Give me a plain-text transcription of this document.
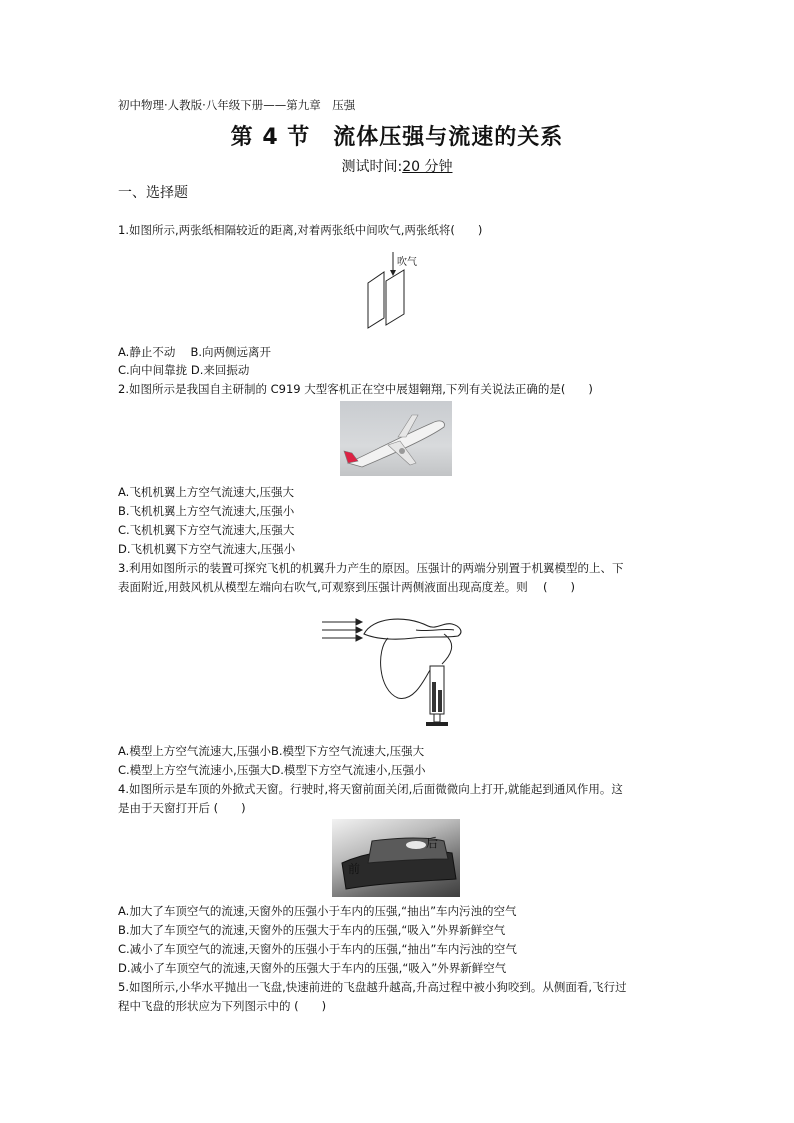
初中物理·人教版·八年级下册——第九章　压强
第 4 节　流体压强与流速的关系
测试时间:20 分钟
一、选择题
1.如图所示,两张纸相隔较近的距离,对着两张纸中间吹气,两张纸将(　　)
吹气
A.静止不动　 B.向两侧远离开
C.向中间靠拢 D.来回振动
2.如图所示是我国自主研制的 C919 大型客机正在空中展翅翱翔,下列有关说法正确的是(　　)
A.飞机机翼上方空气流速大,压强大
B.飞机机翼上方空气流速大,压强小
C.飞机机翼下方空气流速大,压强大
D.飞机机翼下方空气流速大,压强小
3.利用如图所示的装置可探究飞机的机翼升力产生的原因。压强计的两端分别置于机翼模型的上、下
表面附近,用鼓风机从模型左端向右吹气,可观察到压强计两侧液面出现高度差。则　 (　　)
A.模型上方空气流速大,压强小B.模型下方空气流速大,压强大
C.模型上方空气流速小,压强大D.模型下方空气流速小,压强小
4.如图所示是车顶的外掀式天窗。行驶时,将天窗前面关闭,后面微微向上打开,就能起到通风作用。这
是由于天窗打开后 (　　)
后
前
A.加大了车顶空气的流速,天窗外的压强小于车内的压强,“抽出”车内污浊的空气
B.加大了车顶空气的流速,天窗外的压强大于车内的压强,“吸入”外界新鲜空气
C.减小了车顶空气的流速,天窗外的压强小于车内的压强,“抽出”车内污浊的空气
D.减小了车顶空气的流速,天窗外的压强大于车内的压强,“吸入”外界新鲜空气
5.如图所示,小华水平抛出一飞盘,快速前进的飞盘越升越高,升高过程中被小狗咬到。从侧面看,飞行过
程中飞盘的形状应为下列图示中的 (　　)
